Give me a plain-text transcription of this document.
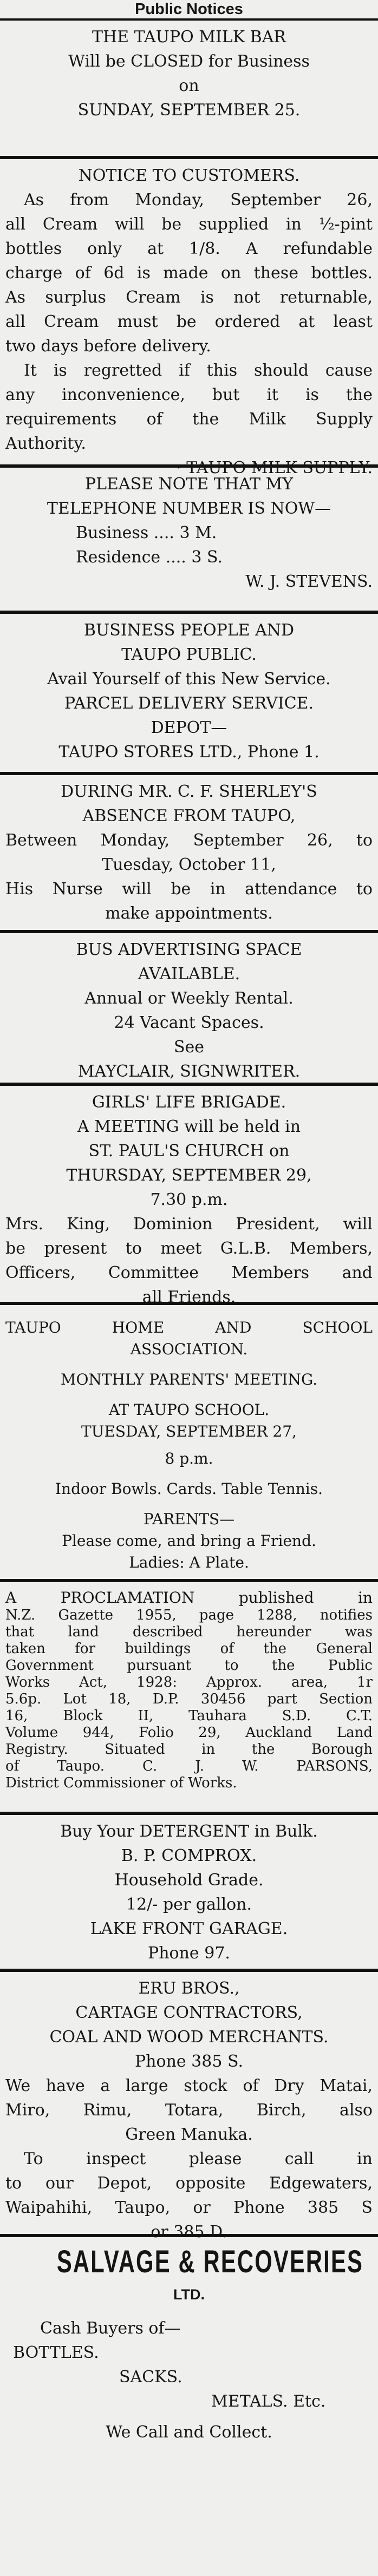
Public Notices
THE TAUPO MILK BAR
Will be CLOSED for Business
on
SUNDAY, SEPTEMBER 25.
NOTICE TO CUSTOMERS.
As from Monday, September 26,
all Cream will be supplied in ½-pint
bottles only at 1/8. A refundable
charge of 6d is made on these bottles.
As surplus Cream is not returnable,
all Cream must be ordered at least
two days before delivery.
It is regretted if this should cause
any inconvenience, but it is the
requirements of the Milk Supply
Authority.
· TAUPO MILK SUPPLY.
PLEASE NOTE THAT MY
TELEPHONE NUMBER IS NOW—
Business .... 3 M.
Residence .... 3 S.
W. J. STEVENS.
BUSINESS PEOPLE AND
TAUPO PUBLIC.
Avail Yourself of this New Service.
PARCEL DELIVERY SERVICE.
DEPOT—
TAUPO STORES LTD., Phone 1.
DURING MR. C. F. SHERLEY'S
ABSENCE FROM TAUPO,
Between Monday, September 26, to
Tuesday, October 11,
His Nurse will be in attendance to
make appointments.
BUS ADVERTISING SPACE
AVAILABLE.
Annual or Weekly Rental.
24 Vacant Spaces.
See
MAYCLAIR, SIGNWRITER.
GIRLS' LIFE BRIGADE.
A MEETING will be held in
ST. PAUL'S CHURCH on
THURSDAY, SEPTEMBER 29,
7.30 p.m.
Mrs. King, Dominion President, will
be present to meet G.L.B. Members,
Officers, Committee Members and
all Friends.
TAUPO HOME AND SCHOOL
ASSOCIATION.
MONTHLY PARENTS' MEETING.
AT TAUPO SCHOOL.
TUESDAY, SEPTEMBER 27,
8 p.m.
Indoor Bowls. Cards. Table Tennis.
PARENTS—
Please come, and bring a Friend.
Ladies: A Plate.
A PROCLAMATION published in
N.Z. Gazette 1955, page 1288, notifies
that land described hereunder was
taken for buildings of the General
Government pursuant to the Public
Works Act, 1928: Approx. area, 1r
5.6p. Lot 18, D.P. 30456 part Section
16, Block II, Tauhara S.D. C.T.
Volume 944, Folio 29, Auckland Land
Registry. Situated in the Borough
of Taupo. C. J. W. PARSONS,
District Commissioner of Works.
Buy Your DETERGENT in Bulk.
B. P. COMPROX.
Household Grade.
12/- per gallon.
LAKE FRONT GARAGE.
Phone 97.
ERU BROS.,
CARTAGE CONTRACTORS,
COAL AND WOOD MERCHANTS.
Phone 385 S.
We have a large stock of Dry Matai,
Miro, Rimu, Totara, Birch, also
Green Manuka.
To inspect please call in
to our Depot, opposite Edgewaters,
Waipahihi, Taupo, or Phone 385 S
or 385 D.
SALVAGE & RECOVERIES
LTD.
Cash Buyers of—
BOTTLES.
SACKS.
METALS. Etc.
We Call and Collect.
